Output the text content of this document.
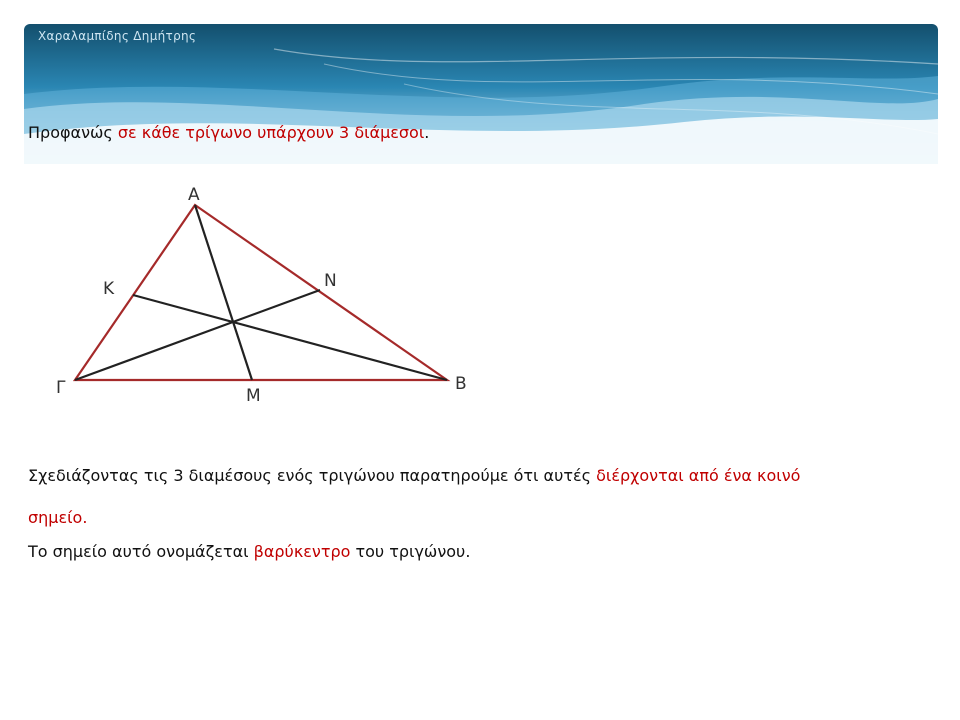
Χαραλαμπίδης Δημήτρης

Προφανώς σε κάθε τρίγωνο υπάρχουν 3 διάμεσοι.

Α
Β
Γ
Κ	Ν
Μ

Σχεδιάζοντας τις 3 διαμέσους ενός τριγώνου παρατηρούμε ότι αυτές διέρχονται από ένα κοινό

σημείο.

Το σημείο αυτό ονομάζεται βαρύκεντρο του τριγώνου.
